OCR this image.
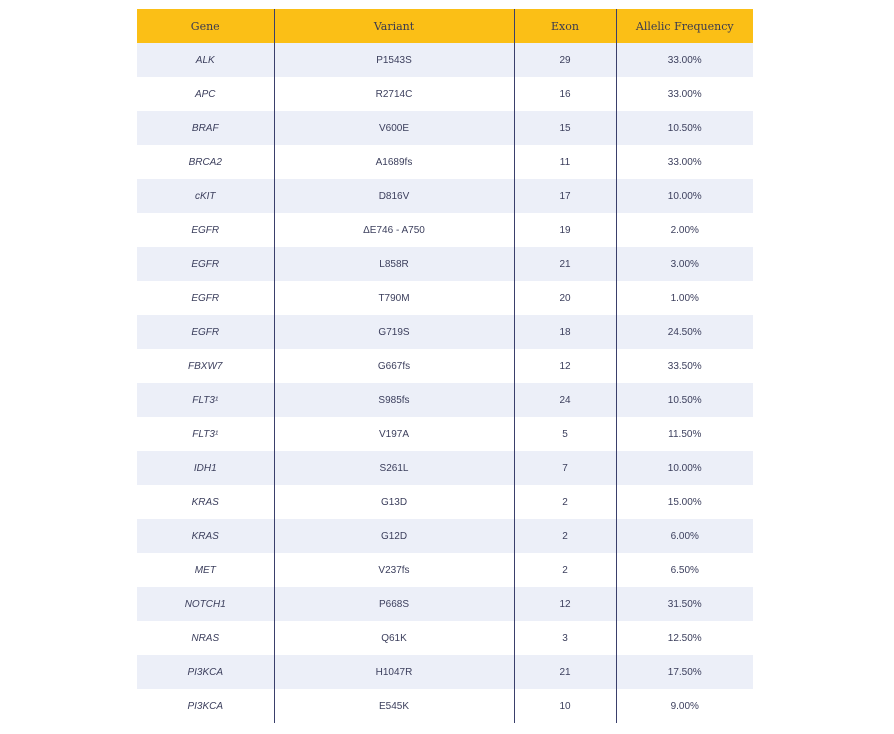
Gene	Variant	Exon	Allelic Frequency
ALK	P1543S	29	33.00%
APC	R2714C	16	33.00%
BRAF	V600E	15	10.50%
BRCA2	A1689fs	11	33.00%
cKIT	D816V	17	10.00%
EGFR	ΔE746 - A750	19	2.00%
EGFR	L858R	21	3.00%
EGFR	T790M	20	1.00%
EGFR	G719S	18	24.50%
FBXW7	G667fs	12	33.50%
FLT3¹	S985fs	24	10.50%
FLT3¹	V197A	5	11.50%
IDH1	S261L	7	10.00%
KRAS	G13D	2	15.00%
KRAS	G12D	2	6.00%
MET	V237fs	2	6.50%
NOTCH1	P668S	12	31.50%
NRAS	Q61K	3	12.50%
PI3KCA	H1047R	21	17.50%
PI3KCA	E545K	10	9.00%
